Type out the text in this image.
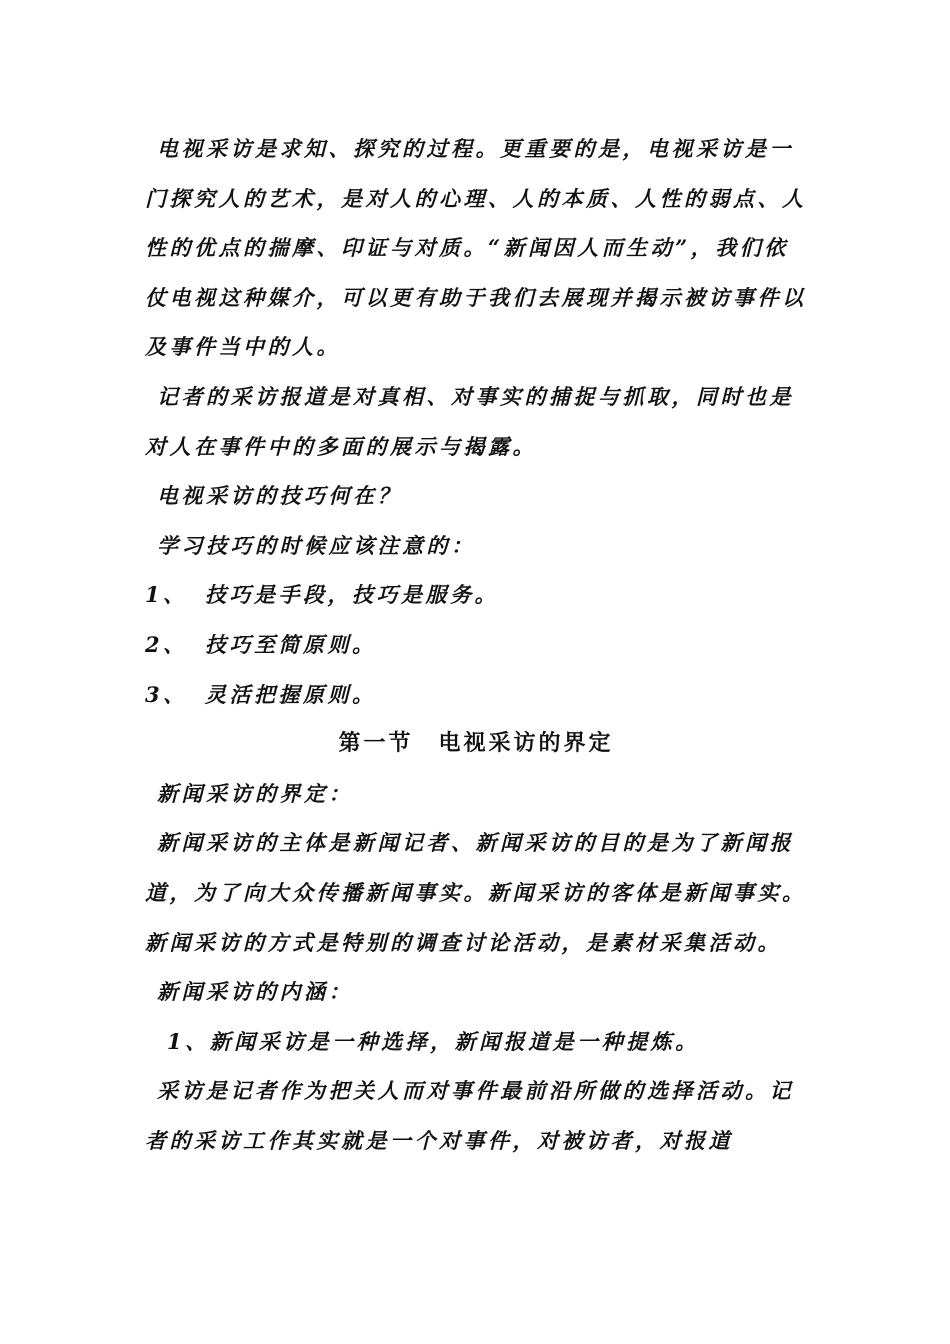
电视采访是求知、探究的过程。更重要的是，电视采访是一门探究人的艺术，是对人的心理、人的本质、人性的弱点、人性的优点的揣摩、印证与对质。“新闻因人而生动”，我们依仗电视这种媒介，可以更有助于我们去展现并揭示被访事件以及事件当中的人。

记者的采访报道是对真相、对事实的捕捉与抓取，同时也是对人在事件中的多面的展示与揭露。

电视采访的技巧何在？

学习技巧的时候应该注意的：

1、 技巧是手段，技巧是服务。
2、 技巧至简原则。
3、 灵活把握原则。

第一节　电视采访的界定

新闻采访的界定：

新闻采访的主体是新闻记者、新闻采访的目的是为了新闻报道，为了向大众传播新闻事实。新闻采访的客体是新闻事实。新闻采访的方式是特别的调查讨论活动，是素材采集活动。

新闻采访的内涵：

1、新闻采访是一种选择，新闻报道是一种提炼。

采访是记者作为把关人而对事件最前沿所做的选择活动。记者的采访工作其实就是一个对事件，对被访者，对报道
